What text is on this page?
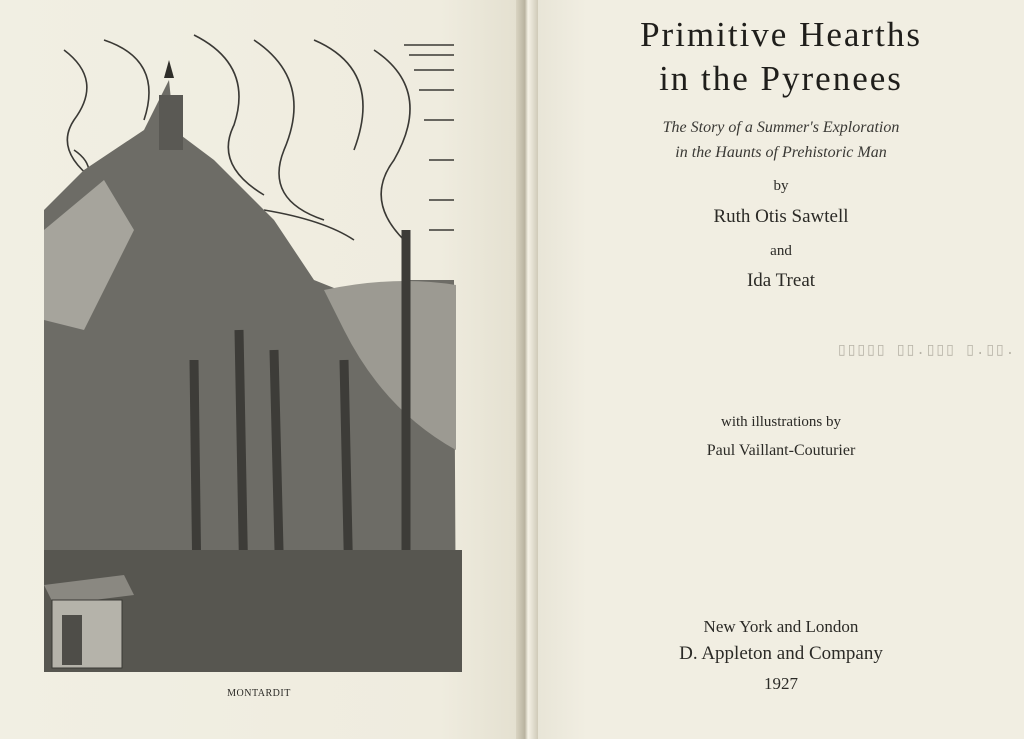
MONTARDIT
Primitive Hearths
in the Pyrenees
The Story of a Summer's Exploration
in the Haunts of Prehistoric Man
by
Ruth Otis Sawtell
and
Ida Treat
▯▯▯▯▯ ▯▯.▯▯▯ ▯.▯▯.
with illustrations by
Paul Vaillant-Couturier
New York and London
D. Appleton and Company
1927
